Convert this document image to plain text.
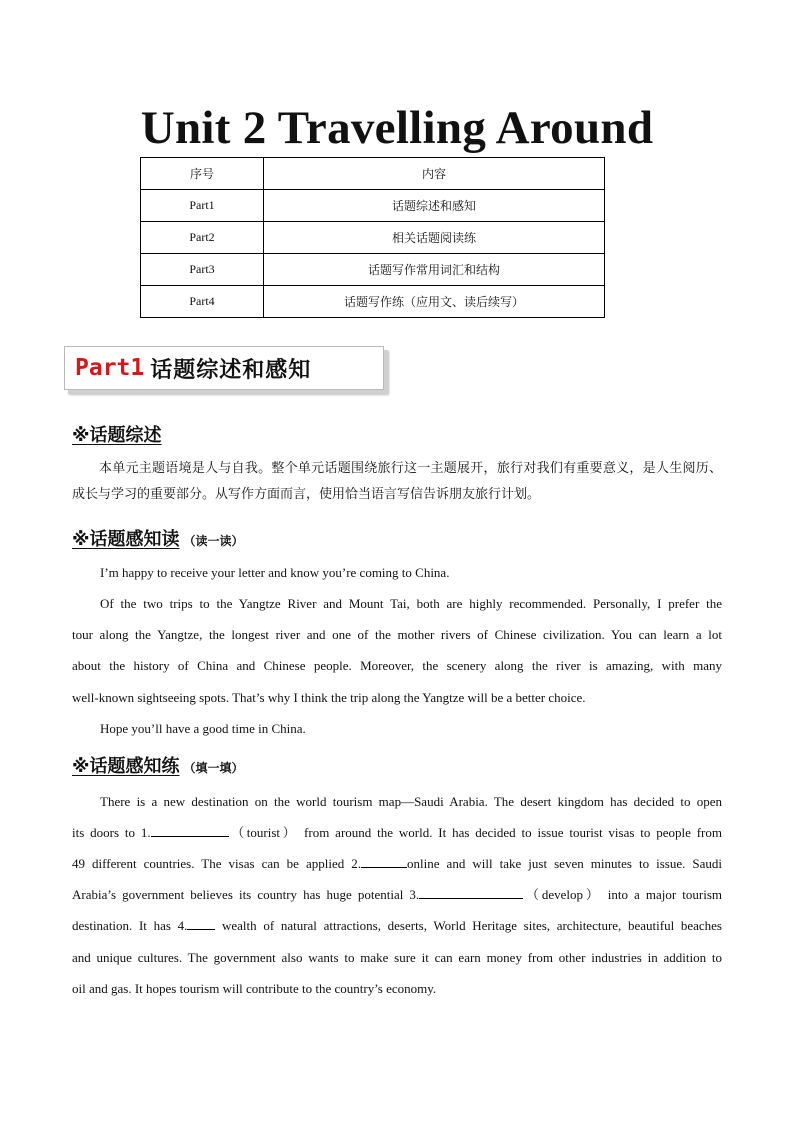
Unit 2 Travelling Around
序号	内容
Part1	话题综述和感知
Part2	相关话题阅读练
Part3	话题写作常用词汇和结构
Part4	话题写作练（应用文、读后续写）
Part1 话题综述和感知
※话题综述
本单元主题语境是人与自我。整个单元话题围绕旅行这一主题展开，旅行对我们有重要意义，是人生阅历、成长与学习的重要部分。从写作方面而言，使用恰当语言写信告诉朋友旅行计划。
※话题感知读 （读一读）
I’m happy to receive your letter and know you’re coming to China.
Of the two trips to the Yangtze River and Mount Tai, both are highly recommended. Personally, I prefer the
tour along the Yangtze, the longest river and one of the mother rivers of Chinese civilization. You can learn a lot
about the history of China and Chinese people. Moreover, the scenery along the river is amazing, with many
well-known sightseeing spots. That’s why I think the trip along the Yangtze will be a better choice.
Hope you’ll have a good time in China.
※话题感知练 （填一填）
There is a new destination on the world tourism map—Saudi Arabia. The desert kingdom has decided to open
its doors to 1.	（tourist） from around the world. It has decided to issue tourist visas to people from
49 different countries. The visas can be applied 2.	online and will take just seven minutes to issue. Saudi
Arabia’s government believes its country has huge potential 3.	（develop） into a major tourism
destination. It has 4. wealth of natural attractions, deserts, World Heritage sites, architecture, beautiful beaches
and unique cultures. The government also wants to make sure it can earn money from other industries in addition to
oil and gas. It hopes tourism will contribute to the country’s economy.
